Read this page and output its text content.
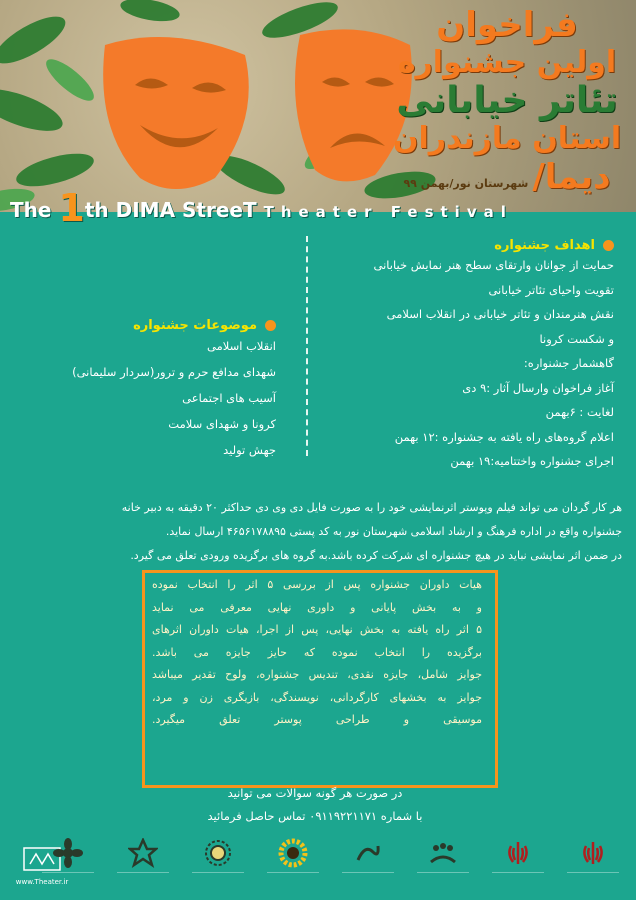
فراخوان
اولین جشنواره
تئاتر خیابانی
استان مازندران
دیما/
شهرستان نور/بهمن ۹۹
The 1th DIMA StreeT Theater Festival
اهداف جشنواره
حمایت از جوانان وارتقای سطح هنر نمایش خیابانی
تقویت واحیای تئاتر خیابانی
نقش هنرمندان و تئاتر خیابانی در انقلاب اسلامی
و شکست کرونا
گاهشمار جشنواره:
آغاز فراخوان وارسال آثار :۹ دی
لغایت : ۶بهمن
اعلام گروه‌های راه یافته به جشنواره :۱۲ بهمن
اجرای جشنواره واختتامیه:۱۹ بهمن
موضوعات جشنواره
انقلاب اسلامی
شهدای مدافع حرم و ترور(سردار سلیمانی)
آسیب های اجتماعی
کرونا و شهدای سلامت
جهش تولید
هر کار گردان می تواند فیلم وپوستر اثرنمایشی خود را به صورت فایل دی وی دی حداکثر ۲۰ دقیقه به دبیر خانه
جشنواره واقع در اداره فرهنگ و ارشاد اسلامی شهرستان نور به کد پستی ۴۶۵۶۱۷۸۸۹۵ ارسال نماید.
در ضمن اثر نمایشی نباید در هیچ جشنواره ای شرکت کرده باشد.به گروه های برگزیده ورودی تعلق می گیرد.
هیات داوران جشنواره پس از بررسی ۵ اثر را انتخاب نموده
و به بخش پایانی و داوری نهایی معرفی می نماید
۵ اثر راه یافته به بخش نهایی، پس از اجرا، هیات داوران اثرهای
برگزیده را انتخاب نموده که حایز جایزه می باشد.
جوایز شامل، جایزه نقدی، تندیس جشنواره، ولوح تقدیر میباشد
جوایز به بخشهای کارگردانی، نویسندگی، بازیگری زن و مرد،
موسیقی و طراحی پوستر تعلق میگیرد.
در صورت هر گونه سوالات می توانید
با شماره ۰۹۱۱۹۲۲۱۱۷۱ تماس حاصل فرمائید
www.Theater.ir
